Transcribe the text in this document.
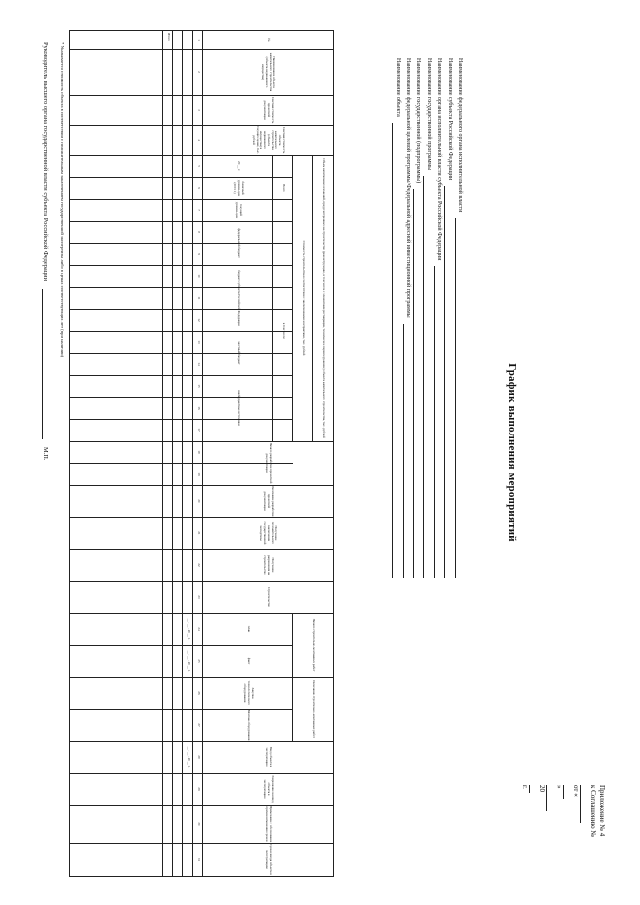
Приложение № 4
к Соглашению №
от «
»
20
г.
График выполнения мероприятий
Наименование федерального органа исполнительной власти
Наименование субъекта Российской Федерации
Наименование органа исполнительной власти субъекта Российской Федерации
Наименование государственной программы
Наименование государственной (подпрограммы)
Наименование федеральной целевой программы/Федеральной адресной инвестиционной программы
Наименование объекта
№
Наименование объекта капитального строительства (объекта недвижимого имущества)
Сметная стоимость проектной документации
Сметная стоимость объекта капитального строительства (объекта недвижимого имущества) в текущих ценах, тыс. рублей
Объем капитальных вложений, предусмотренных на строительство (реконструкцию, в том числе с элементами реставрации, техническое перевооружение) объекта капитального строительства, тыс. рублей
Стоимость строительства в соответствии с заключенными контрактами, тыс. рублей
Всего
в том числе:
федеральный бюджет
бюджет субъекта Российской Федерации
местный бюджет
внебюджетные источники
20 __ г.
базисный уровень цен (2001 г.)
текущий уровень цен
Начало разработки проектной документации
Окончание разработки проектной документации
Получение положительного заключения государственной экспертизы
Получение разрешения на строительство
Строительство
Начало строительно-монтажных работ
Окончание строительно-монтажных работ
план
факт
Закупка технологического оборудования
Монтаж оборудования
Ввод объекта в эксплуатацию
Разрешение на ввод объекта в эксплуатацию
Примечание / обоснование причин изменения сроков
Сроки ввода объекта в эксплуатацию
1
2
3
4
5
6
7
8
9
10
11
12
13
14
15
16
17
18
19
20
21
22
23
24
25
26
27
28
29
30
31
__ . __ . 20 __ г.
__ . __ . 20 __ г.
__ . __ . 20 __ г.
Итого
* Указывается стоимость объекта в соответствии с положительным заключением государственной экспертизы либо в ценах соответствующих лет (при наличии)
Руководитель высшего органа государственной власти субъекта Российской Федерации
М.П.
